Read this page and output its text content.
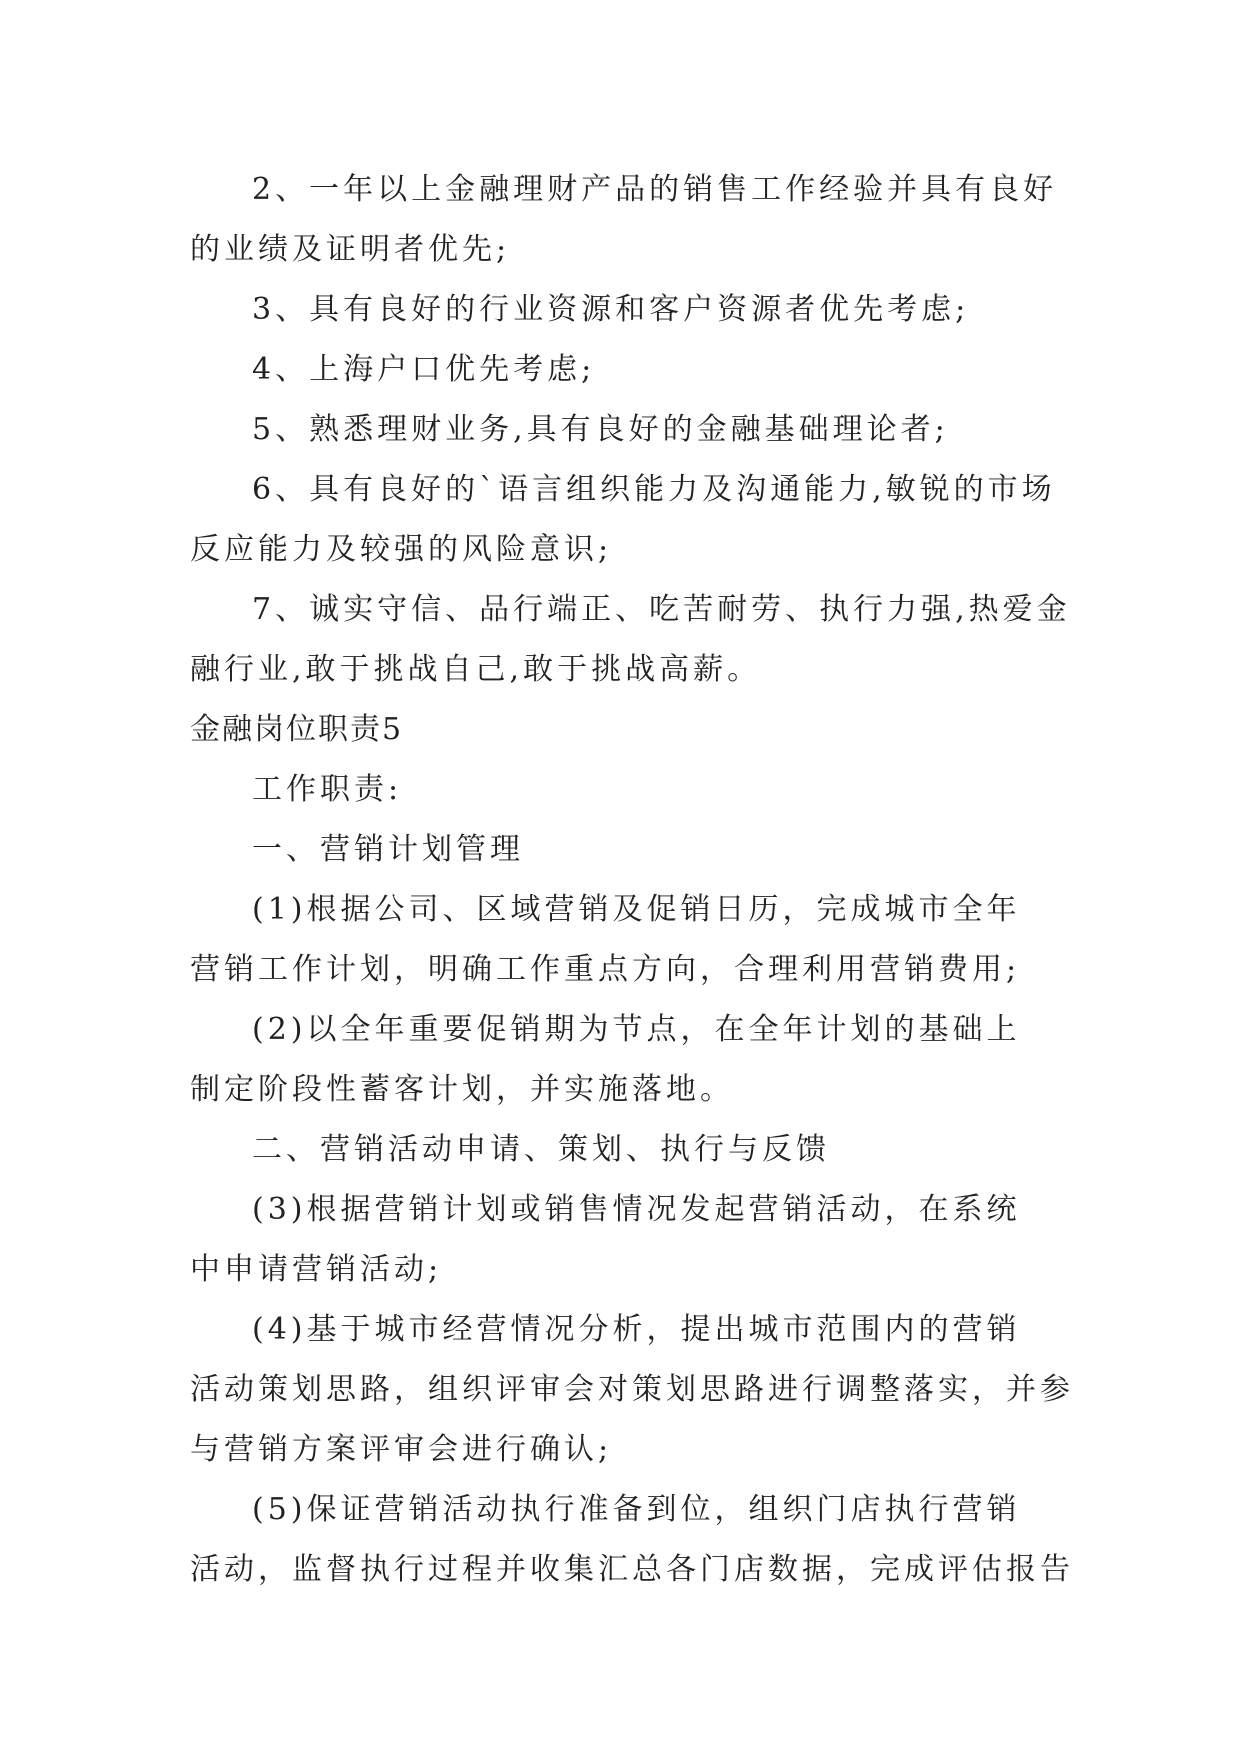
2、一年以上金融理财产品的销售工作经验并具有良好
的业绩及证明者优先;
3、具有良好的行业资源和客户资源者优先考虑;
4、上海户口优先考虑;
5、熟悉理财业务,具有良好的金融基础理论者;
6、具有良好的`语言组织能力及沟通能力,敏锐的市场
反应能力及较强的风险意识;
7、诚实守信、品行端正、吃苦耐劳、执行力强,热爱金
融行业,敢于挑战自己,敢于挑战高薪。
金融岗位职责5
工作职责:
一、营销计划管理
(1)根据公司、区域营销及促销日历，完成城市全年
营销工作计划，明确工作重点方向，合理利用营销费用;
(2)以全年重要促销期为节点，在全年计划的基础上
制定阶段性蓄客计划，并实施落地。
二、营销活动申请、策划、执行与反馈
(3)根据营销计划或销售情况发起营销活动，在系统
中申请营销活动;
(4)基于城市经营情况分析，提出城市范围内的营销
活动策划思路，组织评审会对策划思路进行调整落实，并参
与营销方案评审会进行确认;
(5)保证营销活动执行准备到位，组织门店执行营销
活动，监督执行过程并收集汇总各门店数据，完成评估报告
